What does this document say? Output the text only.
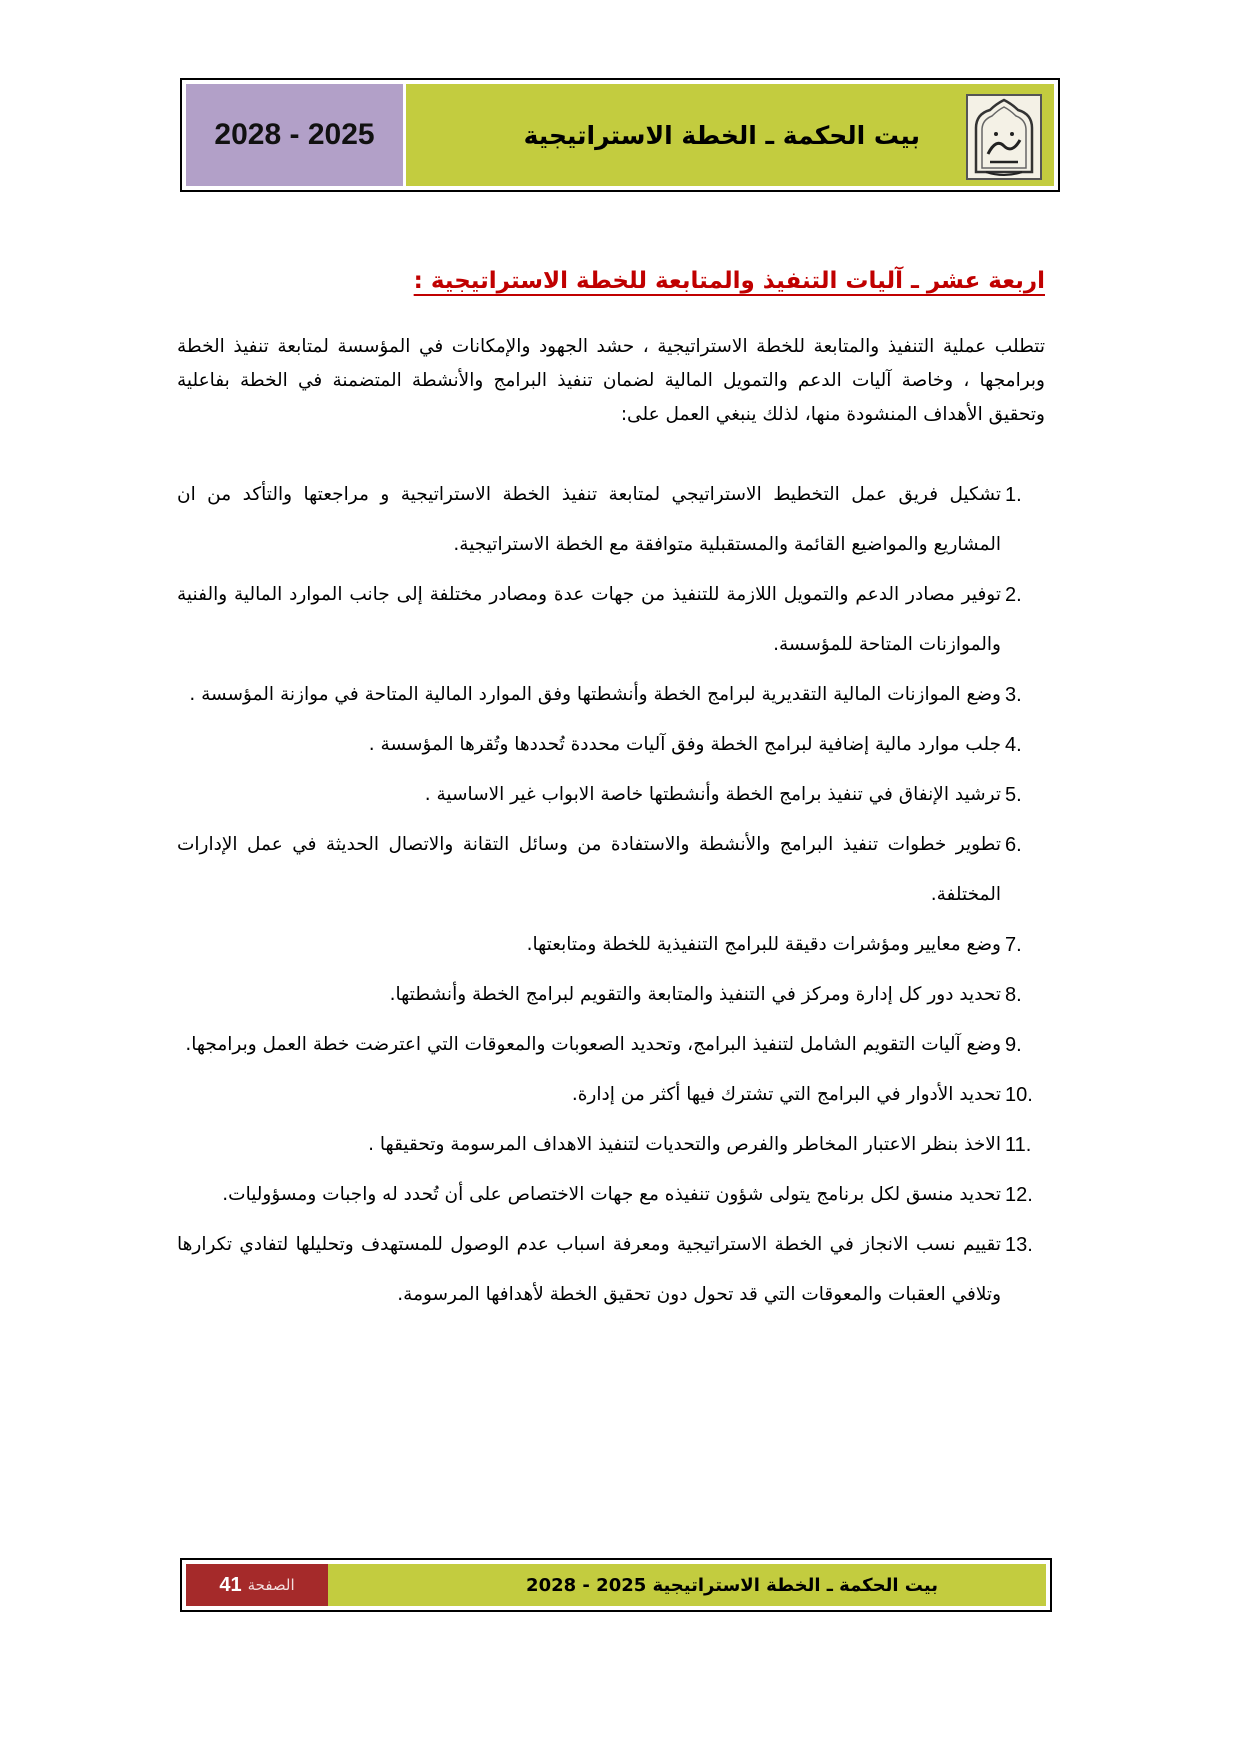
بيت الحكمة ـ الخطة الاستراتيجية
2028 - 2025
اربعة عشر ـ آليات التنفيذ والمتابعة للخطة الاستراتيجية :
تتطلب عملية التنفيذ والمتابعة للخطة الاستراتيجية ، حشد الجهود والإمكانات في المؤسسة لمتابعة تنفيذ الخطة وبرامجها ، وخاصة آليات الدعم والتمويل المالية لضمان تنفيذ البرامج والأنشطة المتضمنة في الخطة بفاعلية وتحقيق الأهداف المنشودة منها، لذلك ينبغي العمل على:
1.
تشكيل فريق عمل التخطيط الاستراتيجي لمتابعة تنفيذ الخطة الاستراتيجية و مراجعتها والتأكد من ان المشاريع والمواضيع القائمة والمستقبلية متوافقة مع الخطة الاستراتيجية.
2.
توفير مصادر الدعم والتمويل اللازمة للتنفيذ من جهات عدة ومصادر مختلفة إلى جانب الموارد المالية والفنية والموازنات المتاحة للمؤسسة.
3.
وضع الموازنات المالية التقديرية لبرامج الخطة وأنشطتها وفق الموارد المالية المتاحة في موازنة المؤسسة .
4.
جلب موارد مالية إضافية لبرامج الخطة وفق آليات محددة تُحددها وتُقرها المؤسسة .
5.
ترشيد الإنفاق في تنفيذ برامج الخطة وأنشطتها خاصة الابواب غير الاساسية .
6.
تطوير خطوات تنفيذ البرامج والأنشطة والاستفادة من وسائل التقانة والاتصال الحديثة في عمل الإدارات المختلفة.
7.
وضع معايير ومؤشرات دقيقة للبرامج التنفيذية للخطة ومتابعتها.
8.
تحديد دور كل إدارة ومركز في التنفيذ والمتابعة والتقويم لبرامج الخطة وأنشطتها.
9.
وضع آليات التقويم الشامل لتنفيذ البرامج، وتحديد الصعوبات والمعوقات التي اعترضت خطة العمل وبرامجها.
10.
تحديد الأدوار في البرامج التي تشترك فيها أكثر من إدارة.
11.
الاخذ بنظر الاعتبار المخاطر والفرص والتحديات لتنفيذ الاهداف المرسومة وتحقيقها .
12.
تحديد منسق لكل برنامج يتولى شؤون تنفيذه مع جهات الاختصاص على أن تُحدد له واجبات ومسؤوليات.
13.
تقييم نسب الانجاز في الخطة الاستراتيجية ومعرفة اسباب عدم الوصول للمستهدف وتحليلها لتفادي تكرارها وتلافي العقبات والمعوقات التي قد تحول دون تحقيق الخطة لأهدافها المرسومة.
بيت الحكمة ـ الخطة الاستراتيجية 2025 - 2028
الصفحة
41
